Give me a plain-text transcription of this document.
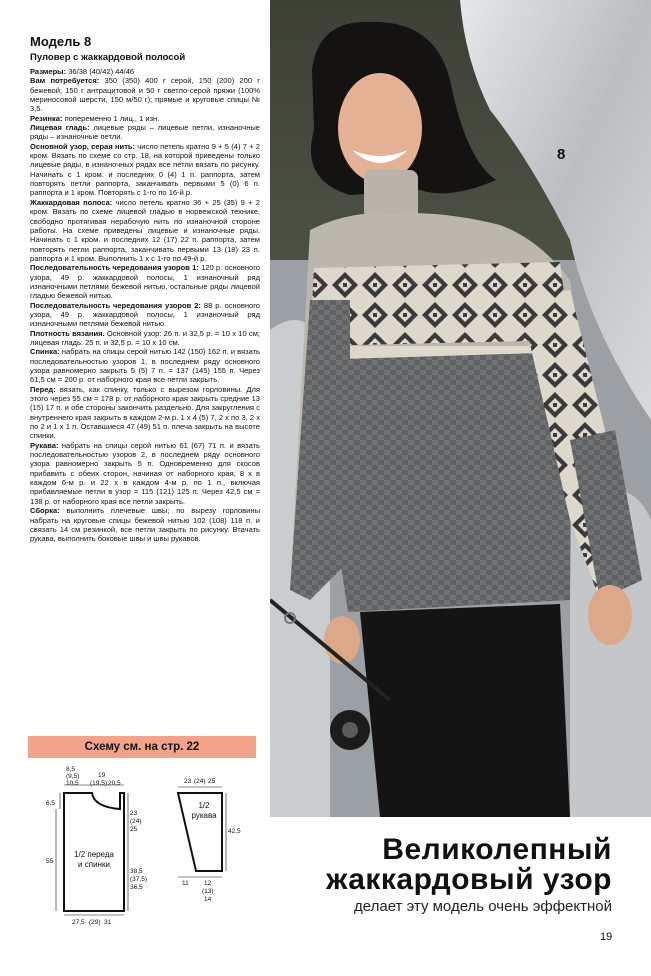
Модель 8
Пуловер с жаккардовой полосой

Размеры: 36/38 (40/42) 44/46

Вам потребуется: 350 (350) 400 г серой, 150 (200) 200 г бежевой, 150 г антрацитовой и 50 г светло-серой пряжи (100% мериносовой шерсти, 150 м/50 г); прямые и круговые спицы № 3,5.

Резинка: попеременно 1 лиц., 1 изн.

Лицевая гладь: лицевые ряды – лицевые петли, изнаночные ряды – изнаночные петли.

Основной узор, серая нить: число петель кратно 9 + 5 (4) 7 + 2 кром. Вязать по схеме со стр. 18, на которой приведены только лицевые ряды, в изнаночных рядах все петли вязать по рисунку. Начинать с 1 кром. и последних 0 (4) 1 п. раппорта, затем повторять петли раппорта, заканчивать первыми 5 (0) 6 п. раппорта и 1 кром. Повторять с 1-го по 16-й р.

Жаккардовая полоса: число петель кратно 36 + 25 (35) 9 + 2 кром. Вязать по схеме лицевой гладью в норвежской технике, свободно протягивая нерабочую нить по изнаночной стороне работы. На схеме приведены лицевые и изнаночные ряды. Начинать с 1 кром. и последних 12 (17) 22 п. раппорта, затем повторять петли раппорта, заканчивать первыми 13 (18) 23 п. раппорта и 1 кром. Выполнить 1 х с 1-го по 49-й р.

Последовательность чередования узоров 1: 120 р. основного узора, 49 р. жаккардовой полосы, 1 изнаночный ряд изнаночными петлями бежевой нитью, остальные ряды лицевой гладью бежевой нитью.

Последовательность чередования узоров 2: 88 р. основного узора, 49 р. жаккардовой полосы, 1 изнаночный ряд изнаночными петлями бежевой нитью.

Плотность вязания. Основной узор: 26 п. и 32,5 р. = 10 х 10 см; лицевая гладь: 25 п. и 32,5 р. = 10 х 10 см.

Спинка: набрать на спицы серой нитью 142 (150) 162 п. и вязать последовательностью узоров 1, в последнем ряду основного узора равномерно закрыть 5 (5) 7 п. = 137 (145) 155 п. Через 61,5 см = 200 р. от наборного края все петли закрыть.

Перед: вязать, как спинку, только с вырезом горловины. Для этого через 55 см = 178 р. от наборного края закрыть средние 13 (15) 17 п. и обе стороны закончить раздельно. Для закругления с внутреннего края закрыть в каждом 2-м р. 1 х 4 (5) 7, 2 х по 3, 2 х по 2 и 1 х 1 п. Оставшиеся 47 (49) 51 п. плеча закрыть на высоте спинки.

Рукава: набрать на спицы серой нитью 61 (67) 71 п. и вязать последовательностью узоров 2, в последнем ряду основного узора равномерно закрыть 5 п. Одновременно для скосов прибавить с обеих сторон, начиная от наборного края, 8 х в каждом 6-м р. и 22 х в каждом 4-м р. по 1 п., включая прибавляемые петли в узор = 115 (121) 125 п. Через 42,5 см = 138 р. от наборного края все петли закрыть.

Сборка: выполнить плечевые швы; по вырезу горловины набрать на круговые спицы бежевой нитью 102 (108) 118 п. и связать 14 см резинкой, все петли закрыть по рисунку. Втачать рукава, выполнить боковые швы и швы рукавов.

Схему см. на стр. 22
8,5
(9,5)
10,5
19
(19,5) 20,5
6,5
23
(24)
25
55
38,5
(37,5)
36,5
1/2 переда
и спинки
27,5 (29) 31
23 (24) 25
42,5
1/2
рукава
11 12
(13)
14
8
Великолепный
жаккардовый узор
делает эту модель очень эффектной
19
